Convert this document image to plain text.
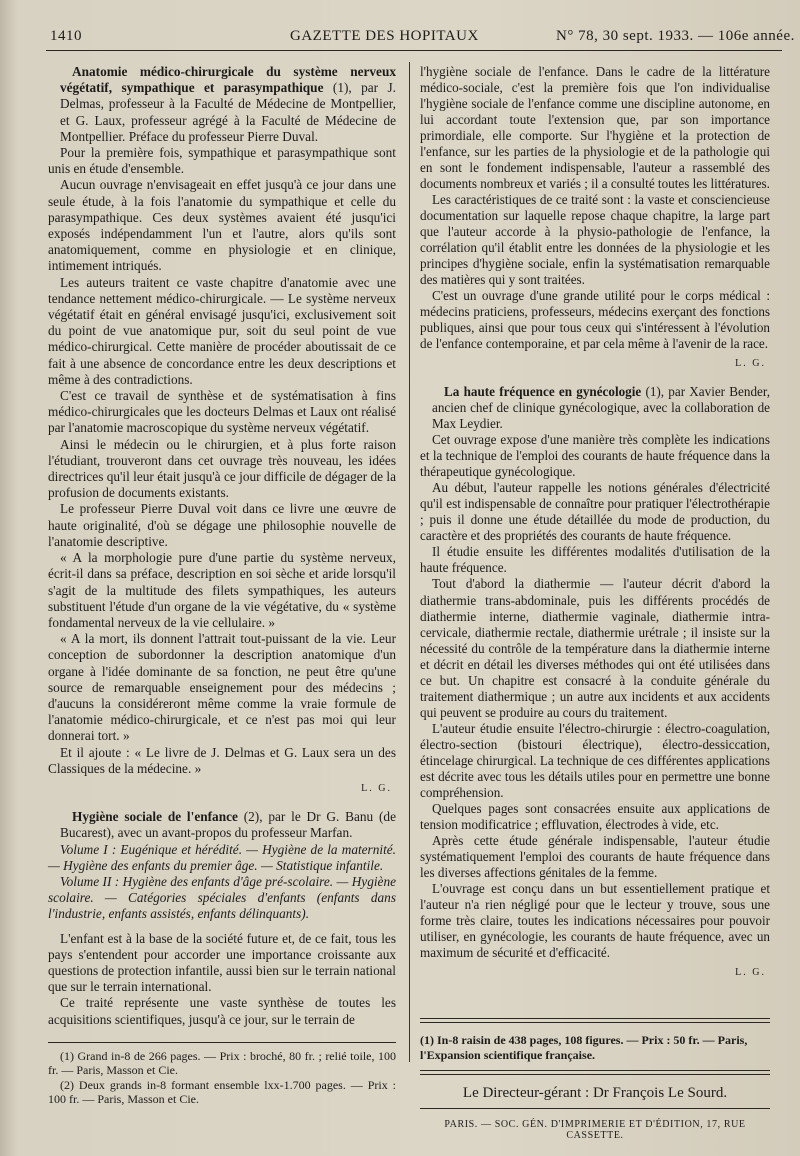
1410	GAZETTE DES HOPITAUX	N° 78, 30 sept. 1933. — 106e année.

Anatomie médico-chirurgicale du système nerveux végétatif, sympathique et parasympathique (1), par J. Delmas, professeur à la Faculté de Médecine de Montpellier, et G. Laux, professeur agrégé à la Faculté de Médecine de Montpellier. Préface du professeur Pierre Duval.

Pour la première fois, sympathique et parasympathique sont unis en étude d'ensemble.

Aucun ouvrage n'envisageait en effet jusqu'à ce jour dans une seule étude, à la fois l'anatomie du sympathique et celle du parasympathique. Ces deux systèmes avaient été jusqu'ici exposés indépendamment l'un et l'autre, alors qu'ils sont anatomiquement, comme en physiologie et en clinique, intimement intriqués.

Les auteurs traitent ce vaste chapitre d'anatomie avec une tendance nettement médico-chirurgicale. — Le système nerveux végétatif était en général envisagé jusqu'ici, exclusivement soit du point de vue anatomique pur, soit du seul point de vue médico-chirurgical. Cette manière de procéder aboutissait de ce fait à une absence de concordance entre les deux descriptions et même à des contradictions.

C'est ce travail de synthèse et de systématisation à fins médico-chirurgicales que les docteurs Delmas et Laux ont réalisé par l'anatomie macroscopique du système nerveux végétatif.

Ainsi le médecin ou le chirurgien, et à plus forte raison l'étudiant, trouveront dans cet ouvrage très nouveau, les idées directrices qu'il leur était jusqu'à ce jour difficile de dégager de la profusion de documents existants.

Le professeur Pierre Duval voit dans ce livre une œuvre de haute originalité, d'où se dégage une philosophie nouvelle de l'anatomie descriptive.

« A la morphologie pure d'une partie du système nerveux, écrit-il dans sa préface, description en soi sèche et aride lorsqu'il s'agit de la multitude des filets sympathiques, les auteurs substituent l'étude d'un organe de la vie végétative, du « système fondamental nerveux de la vie cellulaire. »

« A la mort, ils donnent l'attrait tout-puissant de la vie. Leur conception de subordonner la description anatomique d'un organe à l'idée dominante de sa fonction, ne peut être qu'une source de remarquable enseignement pour des médecins ; d'aucuns la considéreront même comme la vraie formule de l'anatomie médico-chirurgicale, et ce n'est pas moi qui leur donnerai tort. »

Et il ajoute : « Le livre de J. Delmas et G. Laux sera un des Classiques de la médecine. »

L. G.

Hygiène sociale de l'enfance (2), par le Dr G. Banu (de Bucarest), avec un avant-propos du professeur Marfan.

Volume I : Eugénique et hérédité. — Hygiène de la maternité. — Hygiène des enfants du premier âge. — Statistique infantile.

Volume II : Hygiène des enfants d'âge pré-scolaire. — Hygiène scolaire. — Catégories spéciales d'enfants (enfants dans l'industrie, enfants assistés, enfants délinquants).

L'enfant est à la base de la société future et, de ce fait, tous les pays s'entendent pour accorder une importance croissante aux questions de protection infantile, aussi bien sur le terrain national que sur le terrain international.

Ce traité représente une vaste synthèse de toutes les acquisitions scientifiques, jusqu'à ce jour, sur le terrain de

(1) Grand in-8 de 266 pages. — Prix : broché, 80 fr. ; relié toile, 100 fr. — Paris, Masson et Cie.

(2) Deux grands in-8 formant ensemble lxx-1.700 pages. — Prix : 100 fr. — Paris, Masson et Cie.

l'hygiène sociale de l'enfance. Dans le cadre de la littérature médico-sociale, c'est la première fois que l'on individualise l'hygiène sociale de l'enfance comme une discipline autonome, en lui accordant toute l'extension que, par son importance primordiale, elle comporte. Sur l'hygiène et la protection de l'enfance, sur les parties de la physiologie et de la pathologie qui en sont le fondement indispensable, l'auteur a rassemblé des documents nombreux et variés ; il a consulté toutes les littératures.

Les caractéristiques de ce traité sont : la vaste et consciencieuse documentation sur laquelle repose chaque chapitre, la large part que l'auteur accorde à la physio-pathologie de l'enfance, la corrélation qu'il établit entre les données de la physiologie et les principes d'hygiène sociale, enfin la systématisation remarquable des matières qui y sont traitées.

C'est un ouvrage d'une grande utilité pour le corps médical : médecins praticiens, professeurs, médecins exerçant des fonctions publiques, ainsi que pour tous ceux qui s'intéressent à l'évolution de l'enfance contemporaine, et par cela même à l'avenir de la race.

L. G.

La haute fréquence en gynécologie (1), par Xavier Bender, ancien chef de clinique gynécologique, avec la collaboration de Max Leydier.

Cet ouvrage expose d'une manière très complète les indications et la technique de l'emploi des courants de haute fréquence dans la thérapeutique gynécologique.

Au début, l'auteur rappelle les notions générales d'électricité qu'il est indispensable de connaître pour pratiquer l'électrothérapie ; puis il donne une étude détaillée du mode de production, du caractère et des propriétés des courants de haute fréquence.

Il étudie ensuite les différentes modalités d'utilisation de la haute fréquence.

Tout d'abord la diathermie — l'auteur décrit d'abord la diathermie trans-abdominale, puis les différents procédés de diathermie interne, diathermie vaginale, diathermie intra-cervicale, diathermie rectale, diathermie urétrale ; il insiste sur la nécessité du contrôle de la température dans la diathermie interne et décrit en détail les diverses méthodes qui ont été utilisées dans ce but. Un chapitre est consacré à la conduite générale du traitement diathermique ; un autre aux incidents et aux accidents qui peuvent se produire au cours du traitement.

L'auteur étudie ensuite l'électro-chirurgie : électro-coagulation, électro-section (bistouri électrique), électro-dessiccation, étincelage chirurgical. La technique de ces différentes applications est décrite avec tous les détails utiles pour en permettre une bonne compréhension.

Quelques pages sont consacrées ensuite aux applications de tension modificatrice ; effluvation, électrodes à vide, etc.

Après cette étude générale indispensable, l'auteur étudie systématiquement l'emploi des courants de haute fréquence dans les diverses affections génitales de la femme.

L'ouvrage est conçu dans un but essentiellement pratique et l'auteur n'a rien négligé pour que le lecteur y trouve, sous une forme très claire, toutes les indications nécessaires pour pouvoir utiliser, en gynécologie, les courants de haute fréquence, avec un maximum de sécurité et d'efficacité.

L. G.

(1) In-8 raisin de 438 pages, 108 figures. — Prix : 50 fr. — Paris, l'Expansion scientifique française.

Le Directeur-gérant : Dr François Le Sourd.
PARIS. — SOC. GÉN. D'IMPRIMERIE ET D'ÉDITION, 17, RUE CASSETTE.
